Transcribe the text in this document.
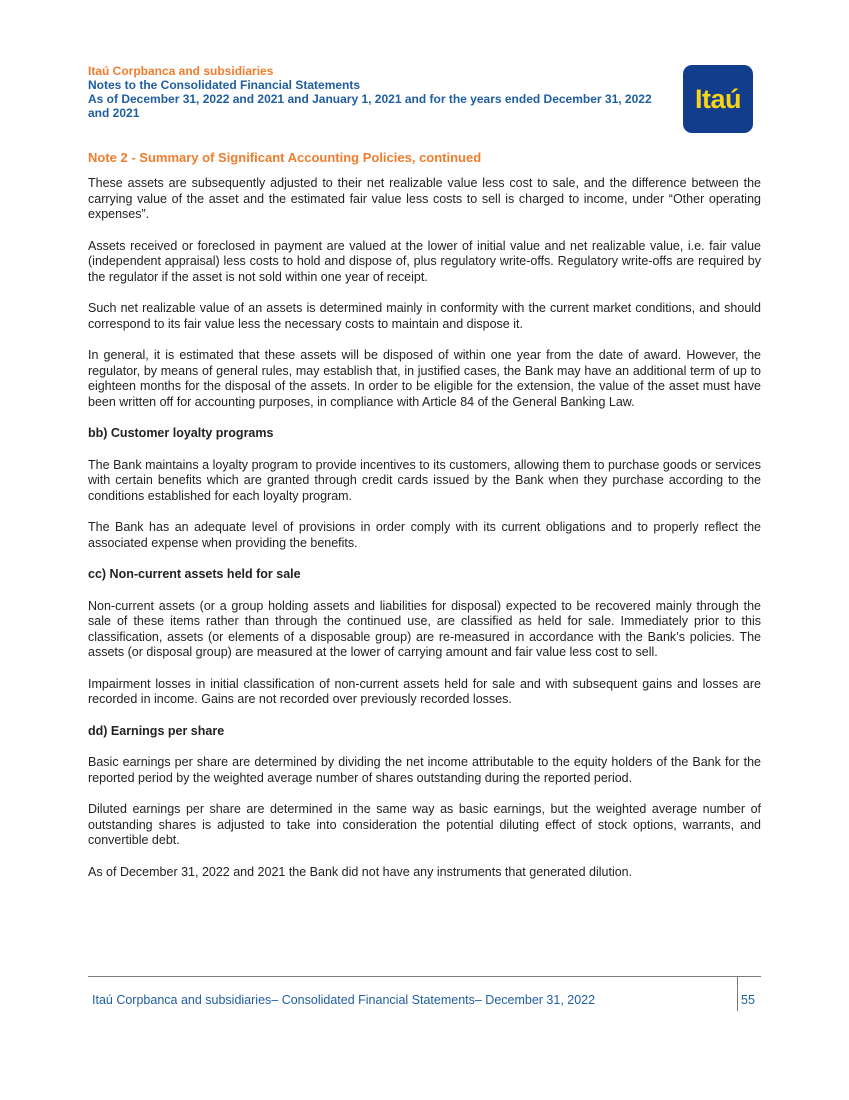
Itaú Corpbanca and subsidiaries
Notes to the Consolidated Financial Statements
As of December 31, 2022 and 2021 and January 1, 2021 and for the years ended December 31, 2022
and 2021	Itaú
Note 2 - Summary of Significant Accounting Policies, continued

These assets are subsequently adjusted to their net realizable value less cost to sale, and the difference between the carrying value of the asset and the estimated fair value less costs to sell is charged to income, under “Other operating expenses”.

Assets received or foreclosed in payment are valued at the lower of initial value and net realizable value, i.e. fair value (independent appraisal) less costs to hold and dispose of, plus regulatory write-offs. Regulatory write-offs are required by the regulator if the asset is not sold within one year of receipt.

Such net realizable value of an assets is determined mainly in conformity with the current market conditions, and should correspond to its fair value less the necessary costs to maintain and dispose it.

In general, it is estimated that these assets will be disposed of within one year from the date of award. However, the regulator, by means of general rules, may establish that, in justified cases, the Bank may have an additional term of up to eighteen months for the disposal of the assets. In order to be eligible for the extension, the value of the asset must have been written off for accounting purposes, in compliance with Article 84 of the General Banking Law.

bb) Customer loyalty programs

The Bank maintains a loyalty program to provide incentives to its customers, allowing them to purchase goods or services with certain benefits which are granted through credit cards issued by the Bank when they purchase according to the conditions established for each loyalty program.

The Bank has an adequate level of provisions in order comply with its current obligations and to properly reflect the associated expense when providing the benefits.

cc) Non-current assets held for sale

Non-current assets (or a group holding assets and liabilities for disposal) expected to be recovered mainly through the sale of these items rather than through the continued use, are classified as held for sale. Immediately prior to this classification, assets (or elements of a disposable group) are re-measured in accordance with the Bank’s policies. The assets (or disposal group) are measured at the lower of carrying amount and fair value less cost to sell.

Impairment losses in initial classification of non-current assets held for sale and with subsequent gains and losses are recorded in income. Gains are not recorded over previously recorded losses.

dd) Earnings per share

Basic earnings per share are determined by dividing the net income attributable to the equity holders of the Bank for the reported period by the weighted average number of shares outstanding during the reported period.

Diluted earnings per share are determined in the same way as basic earnings, but the weighted average number of outstanding shares is adjusted to take into consideration the potential diluting effect of stock options, warrants, and convertible debt.

As of December 31, 2022 and 2021 the Bank did not have any instruments that generated dilution.

Itaú Corpbanca and subsidiaries– Consolidated Financial Statements– December 31, 2022	55
